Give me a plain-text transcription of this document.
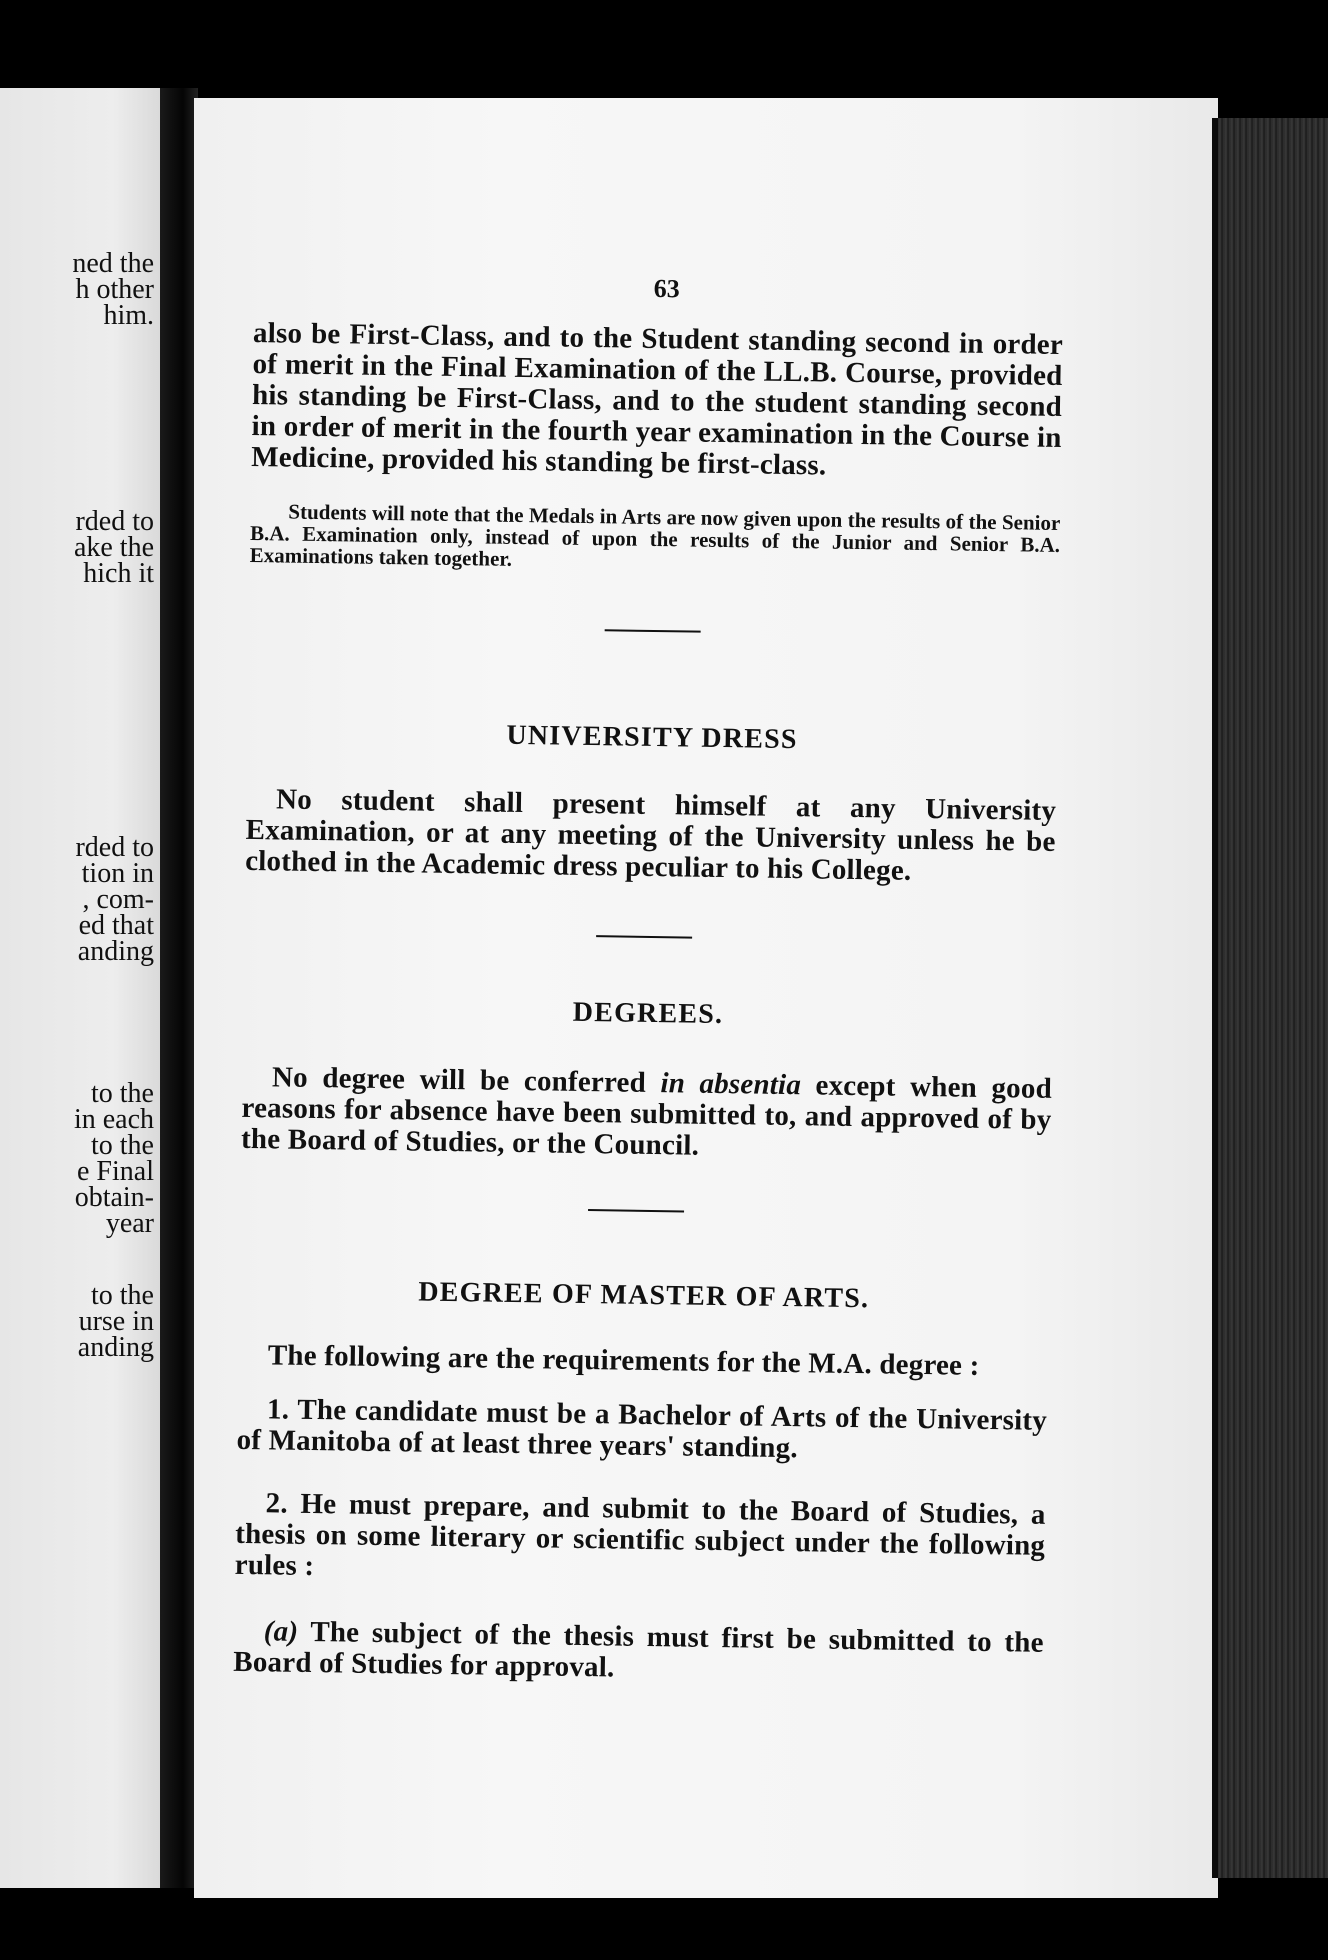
ned the
h other
him.
rded to
ake the
hich it
rded to
tion in
, com-
ed that
anding
to the
in each
to the
e Final
obtain-
year
to the
urse in
anding
63

also be First-Class, and to the Student standing second in order of merit in the Final Examination of the LL.B. Course, provided his standing be First-Class, and to the student standing second in order of merit in the fourth year examination in the Course in Medicine, provided his standing be first-class.

Students will note that the Medals in Arts are now given upon the results of the Senior B.A. Examination only, instead of upon the results of the Junior and Senior B.A. Examinations taken together.

UNIVERSITY DRESS

No student shall present himself at any University Examination, or at any meeting of the University unless he be clothed in the Academic dress peculiar to his College.

DEGREES.

No degree will be conferred in absentia except when good reasons for absence have been submitted to, and approved of by the Board of Studies, or the Council.

DEGREE OF MASTER OF ARTS.

The following are the requirements for the M.A. degree :

1. The candidate must be a Bachelor of Arts of the University of Manitoba of at least three years' standing.

2. He must prepare, and submit to the Board of Studies, a thesis on some literary or scientific subject under the following rules :

(a) The subject of the thesis must first be submitted to the Board of Studies for approval.
